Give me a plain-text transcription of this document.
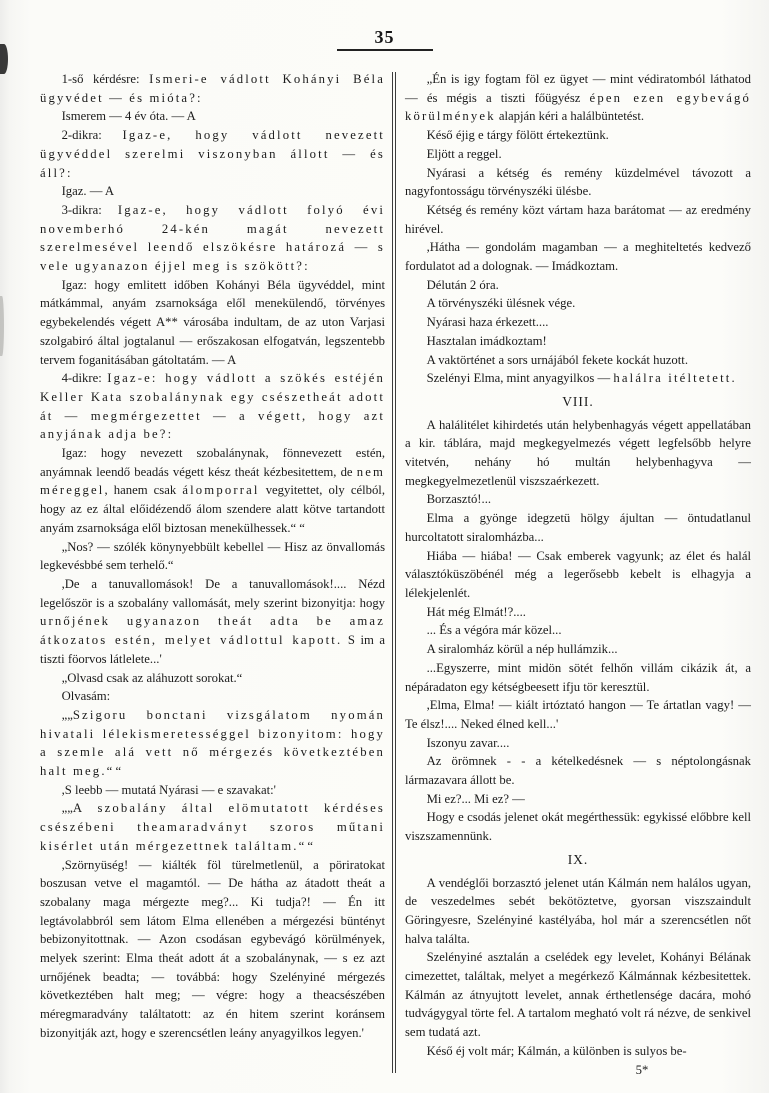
35

1-ső kérdésre: Ismeri-e vádlott Kohányi Béla ügyvédet — és mióta?:

Ismerem — 4 év óta. — A

2-dikra: Igaz-e, hogy vádlott nevezett ügyvéddel szerelmi viszonyban állott — és áll?:

Igaz. — A

3-dikra: Igaz-e, hogy vádlott folyó évi novemberhó 24-kén magát nevezett szerelmesével leendő elszökésre határozá — s vele ugyanazon éjjel meg is szökött?:

Igaz: hogy emlitett időben Kohányi Béla ügyvéddel, mint mátkámmal, anyám zsarnoksága elől menekülendő, törvényes egybekelendés végett A** városába indultam, de az uton Varjasi szolgabiró által jogtalanul — erőszakosan elfogatván, legszentebb tervem foganitásában gátoltatám. — A

4-dikre: Igaz-e: hogy vádlott a szökés estéjén Keller Kata szobalánynak egy csészetheát adott át — megmérgezettet — a végett, hogy azt anyjának adja be?:

Igaz: hogy nevezett szobalánynak, fönnevezett estén, anyámnak leendő beadás végett kész theát kézbesitettem, de nem méreggel, hanem csak álomporral vegyitettet, oly célból, hogy az ez által előidézendő álom szendere alatt kötve tartandott anyám zsarnoksága elől biztosan menekülhessek.“ “

„Nos? — szólék könynyebbült kebellel — Hisz az önvallomás legkevésbbé sem terhelő.“

,De a tanuvallomások! De a tanuvallomások!.... Nézd legelőször is a szobalány vallomását, mely szerint bizonyitja: hogy urnőjének ugyanazon theát adta be amaz átkozatos estén, melyet vádlottul kapott. S im a tiszti föorvos látlelete...'

„Olvasd csak az aláhuzott sorokat.“

Olvasám:

„„Szigoru bonctani vizsgálatom nyomán hivatali lélekismeretességgel bizonyitom: hogy a szemle alá vett nő mérgezés következtében halt meg.“ “

,S leebb — mutatá Nyárasi — e szavakat:'

„„A szobalány által elömutatott kérdéses csészébeni theamaradványt szoros műtani kisérlet után mérgezettnek találtam.“ “

,Szörnyüség! — kiálték föl türelmetlenül, a pöriratokat boszusan vetve el magamtól. — De hátha az átadott theát a szobalany maga mérgezte meg?... Ki tudja?! — Én itt legtávolabbról sem látom Elma ellenében a mérgezési büntényt bebizonyitottnak. — Azon csodásan egybevágó körülmények, melyek szerint: Elma theát adott át a szobalánynak, — s ez azt urnőjének beadta; — továbbá: hogy Szelényiné mérgezés következtében halt meg; — végre: hogy a theacsészében méregmaradvány találtatott: az én hitem szerint koránsem bizonyitják azt, hogy e szerencsétlen leány anyagyilkos legyen.'

„Én is igy fogtam föl ez ügyet — mint védiratomból láthatod — és mégis a tiszti főügyész épen ezen egybevágó körülmények alapján kéri a halálbüntetést.

Késő éjig e tárgy fölött értekeztünk.

Eljött a reggel.

Nyárasi a kétség és remény küzdelmével távozott a nagyfontosságu törvényszéki ülésbe.

Kétség és remény közt vártam haza barátomat — az eredmény hirével.

,Hátha — gondolám magamban — a meghiteltetés kedvező fordulatot ad a dolognak. — Imádkoztam.

Délután 2 óra.

A törvényszéki ülésnek vége.

Nyárasi haza érkezett....

Hasztalan imádkoztam!

A vaktörténet a sors urnájából fekete kockát huzott.

Szelényi Elma, mint anyagyilkos — halálra itéltetett.

VIII.

A halálitélet kihirdetés után helybenhagyás végett appellatában a kir. táblára, majd megkegyelmezés végett legfelsőbb helyre vitetvén, nehány hó multán helybenhagyva — megkegyelmezetlenül viszszaérkezett.

Borzasztó!...

Elma a gyönge idegzetü hölgy ájultan — öntudatlanul hurcoltatott siralomházba...

Hiába — hiába! — Csak emberek vagyunk; az élet és halál választóküszöbénél még a legerősebb kebelt is elhagyja a lélekjelenlét.

Hát még Elmát!?....

... És a végóra már közel...

A siralomház körül a nép hullámzik...

...Egyszerre, mint midön sötét felhőn villám cikázik át, a népáradaton egy kétségbeesett ifju tör keresztül.

,Elma, Elma! — kiált irtóztató hangon — Te ártatlan vagy! — Te élsz!.... Neked élned kell...'

Iszonyu zavar....

Az örömnek - - a kételkedésnek — s néptolongásnak lármazavara állott be.

Mi ez?... Mi ez? —

Hogy e csodás jelenet okát megérthessük: egykissé előbbre kell viszszamennünk.

IX.

A vendéglői borzasztó jelenet után Kálmán nem halálos ugyan, de veszedelmes sebét bekötöztetve, gyorsan viszszaindult Göringyesre, Szelényiné kastélyába, hol már a szerencsétlen nőt halva találta.

Szelényiné asztalán a cselédek egy levelet, Kohányi Bélának cimezettet, találtak, melyet a megérkező Kálmánnak kézbesitettek. Kálmán az átnyujtott levelet, annak érthetlensége dacára, mohó tudvágygyal törte fel. A tartalom megható volt rá nézve, de senkivel sem tudatá azt.

Késő éj volt már; Kálmán, a különben is sulyos be-

5*
